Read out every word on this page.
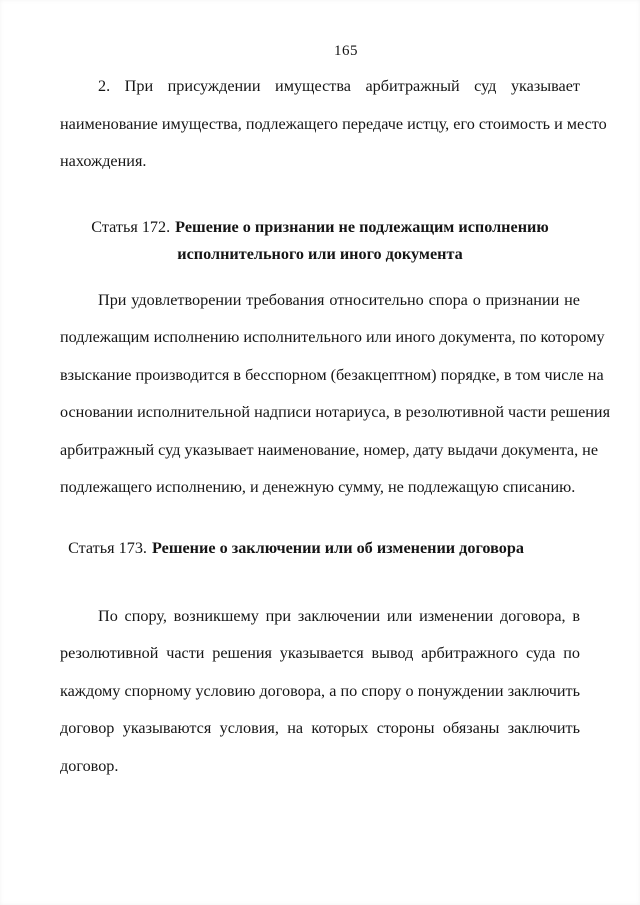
165
2. При присуждении имущества арбитражный суд указывает
наименование имущества, подлежащего передаче истцу, его стоимость и место
нахождения.
Статья 172. Решение о признании не подлежащим исполнению
исполнительного или иного документа
При удовлетворении требования относительно спора о признании не
подлежащим исполнению исполнительного или иного документа, по которому
взыскание производится в бесспорном (безакцептном) порядке, в том числе на
основании исполнительной надписи нотариуса, в резолютивной части решения
арбитражный суд указывает наименование, номер, дату выдачи документа, не
подлежащего исполнению, и денежную сумму, не подлежащую списанию.
Статья 173. Решение о заключении или об изменении договора
По спору, возникшему при заключении или изменении договора, в
резолютивной части решения указывается вывод арбитражного суда по
каждому спорному условию договора, а по спору о понуждении заключить
договор указываются условия, на которых стороны обязаны заключить
договор.
